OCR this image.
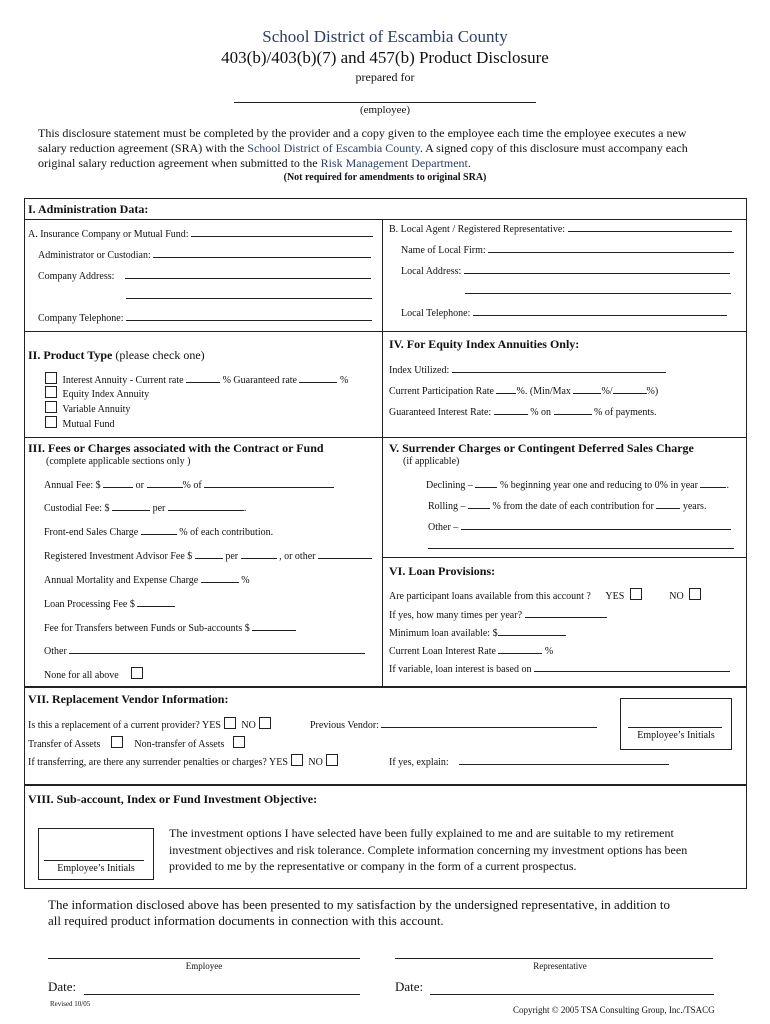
School District of Escambia County
403(b)/403(b)(7) and 457(b) Product Disclosure
prepared for
(employee)
This disclosure statement must be completed by the provider and a copy given to the employee each time the employee executes a new
salary reduction agreement (SRA) with the School District of Escambia County. A signed copy of this disclosure must accompany each
original salary reduction agreement when submitted to the Risk Management Department.
(Not required for amendments to original SRA)
I. Administration Data:
A. Insurance Company or Mutual Fund:
Administrator or Custodian:
Company Address:
Company Telephone:
B. Local Agent / Registered Representative:
Name of Local Firm:
Local Address:
Local Telephone:
II. Product Type (please check one)
Interest Annuity - Current rate	% Guaranteed rate	%
Equity Index Annuity
Variable Annuity
Mutual Fund
IV. For Equity Index Annuities Only:
Index Utilized:
Current Participation Rate %. (Min/Max	%/	%)
Guaranteed Interest Rate:	% on	% of payments.
III. Fees or Charges associated with the Contract or Fund
(complete applicable sections only )
Annual Fee: $	or	% of
Custodial Fee: $	per	.
Front-end Sales Charge	% of each contribution.
Registered Investment Advisor Fee $	per	, or other
Annual Mortality and Expense Charge	%
Loan Processing Fee $
Fee for Transfers between Funds or Sub-accounts $
Other
None for all above
V. Surrender Charges or Contingent Deferred Sales Charge
(if applicable)
Declining –	% beginning year one and reducing to 0% in year	.
Rolling –	% from the date of each contribution for	years.
Other –
VI. Loan Provisions:
Are participant loans available from this account ? YES	NO
If yes, how many times per year?
Minimum loan available: $
Current Loan Interest Rate	%
If variable, loan interest is based on
VII. Replacement Vendor Information:
Is this a replacement of a current provider? YES NO	Previous Vendor:
Employee’s Initials
Transfer of Assets	Non-transfer of Assets
If transferring, are there any surrender penalties or charges? YES NO	If yes, explain:
VIII. Sub-account, Index or Fund Investment Objective:
Employee’s Initials
The investment options I have selected have been fully explained to me and are suitable to my retirement
investment objectives and risk tolerance. Complete information concerning my investment options has been
provided to me by the representative or company in the form of a current prospectus.
The information disclosed above has been presented to my satisfaction by the undersigned representative, in addition to
all required product information documents in connection with this account.
Employee	Representative
Date:	Date:
Revised 10/05
Copyright © 2005 TSA Consulting Group, Inc./TSACG
